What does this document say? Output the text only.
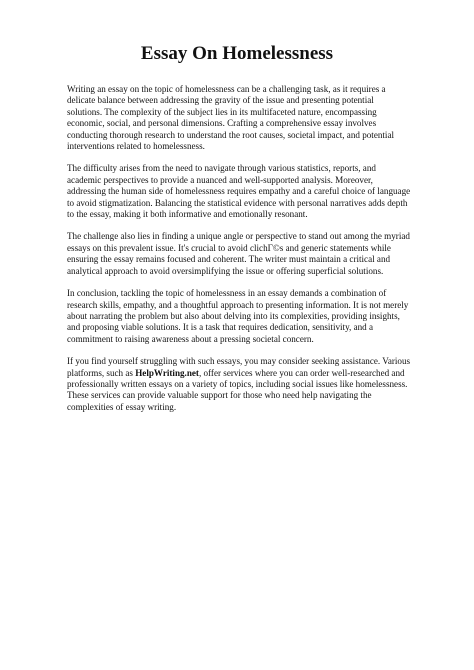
Essay On Homelessness

Writing an essay on the topic of homelessness can be a challenging task, as it requires a delicate balance between addressing the gravity of the issue and presenting potential solutions. The complexity of the subject lies in its multifaceted nature, encompassing economic, social, and personal dimensions. Crafting a comprehensive essay involves conducting thorough research to understand the root causes, societal impact, and potential interventions related to homelessness.

The difficulty arises from the need to navigate through various statistics, reports, and academic perspectives to provide a nuanced and well-supported analysis. Moreover, addressing the human side of homelessness requires empathy and a careful choice of language to avoid stigmatization. Balancing the statistical evidence with personal narratives adds depth to the essay, making it both informative and emotionally resonant.

The challenge also lies in finding a unique angle or perspective to stand out among the myriad essays on this prevalent issue. It's crucial to avoid clichГ©s and generic statements while ensuring the essay remains focused and coherent. The writer must maintain a critical and analytical approach to avoid oversimplifying the issue or offering superficial solutions.

In conclusion, tackling the topic of homelessness in an essay demands a combination of research skills, empathy, and a thoughtful approach to presenting information. It is not merely about narrating the problem but also about delving into its complexities, providing insights, and proposing viable solutions. It is a task that requires dedication, sensitivity, and a commitment to raising awareness about a pressing societal concern.

If you find yourself struggling with such essays, you may consider seeking assistance. Various platforms, such as HelpWriting.net, offer services where you can order well-researched and professionally written essays on a variety of topics, including social issues like homelessness. These services can provide valuable support for those who need help navigating the complexities of essay writing.
